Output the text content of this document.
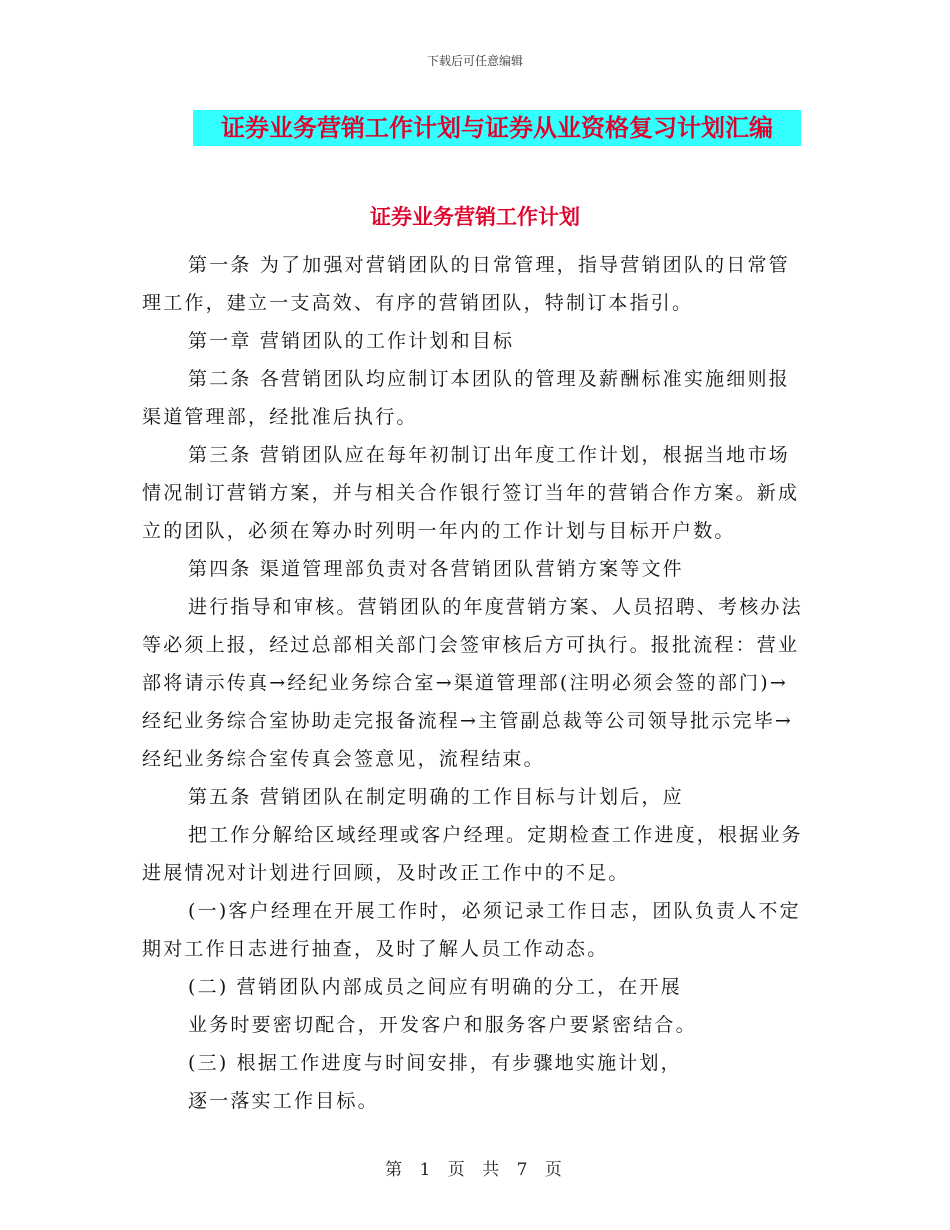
下载后可任意编辑
证券业务营销工作计划与证券从业资格复习计划汇编
证券业务营销工作计划

第一条 为了加强对营销团队的日常管理，指导营销团队的日常管理工作，建立一支高效、有序的营销团队，特制订本指引。

第一章 营销团队的工作计划和目标

第二条 各营销团队均应制订本团队的管理及薪酬标准实施细则报渠道管理部，经批准后执行。

第三条 营销团队应在每年初制订出年度工作计划，根据当地市场情况制订营销方案，并与相关合作银行签订当年的营销合作方案。新成立的团队，必须在筹办时列明一年内的工作计划与目标开户数。

第四条 渠道管理部负责对各营销团队营销方案等文件

进行指导和审核。营销团队的年度营销方案、人员招聘、考核办法等必须上报，经过总部相关部门会签审核后方可执行。报批流程：营业部将请示传真→经纪业务综合室→渠道管理部(注明必须会签的部门)→经纪业务综合室协助走完报备流程→主管副总裁等公司领导批示完毕→经纪业务综合室传真会签意见，流程结束。

第五条 营销团队在制定明确的工作目标与计划后，应

把工作分解给区域经理或客户经理。定期检查工作进度，根据业务进展情况对计划进行回顾，及时改正工作中的不足。

(一)客户经理在开展工作时，必须记录工作日志，团队负责人不定期对工作日志进行抽查，及时了解人员工作动态。

(二) 营销团队内部成员之间应有明确的分工，在开展

业务时要密切配合，开发客户和服务客户要紧密结合。

(三) 根据工作进度与时间安排，有步骤地实施计划，

逐一落实工作目标。

第 1 页 共 7 页
